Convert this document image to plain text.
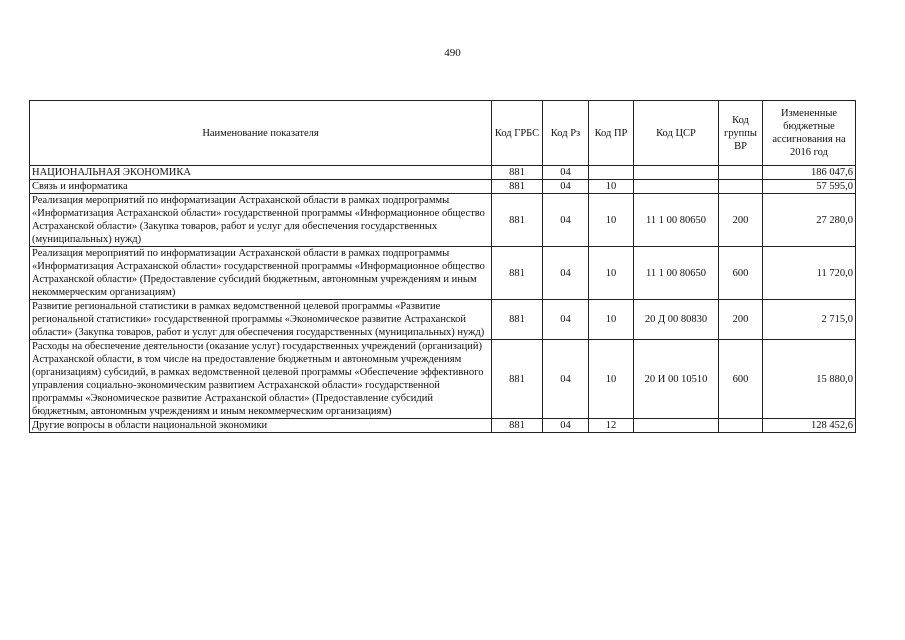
490
Наименование показателя	Код ГРБС	Код Рз	Код ПР	Код ЦСР	Код группы ВР	Измененные бюджетные ассигнования на 2016 год
НАЦИОНАЛЬНАЯ ЭКОНОМИКА	881	04				186 047,6
Связь и информатика	881	04	10			57 595,0
Реализация мероприятий по информатизации Астраханской области в рамках подпрограммы «Информатизация Астраханской области» государственной программы «Информационное общество Астраханской области» (Закупка товаров, работ и услуг для обеспечения государственных (муниципальных) нужд)	881	04	10	11 1 00 80650	200	27 280,0
Реализация мероприятий по информатизации Астраханской области в рамках подпрограммы «Информатизация Астраханской области» государственной программы «Информационное общество Астраханской области» (Предоставление субсидий бюджетным, автономным учреждениям и иным некоммерческим организациям)	881	04	10	11 1 00 80650	600	11 720,0
Развитие региональной статистики в рамках ведомственной целевой программы «Развитие региональной статистики» государственной программы «Экономическое развитие Астраханской области» (Закупка товаров, работ и услуг для обеспечения государственных (муниципальных) нужд)	881	04	10	20 Д 00 80830	200	2 715,0
Расходы на обеспечение деятельности (оказание услуг) государственных учреждений (организаций) Астраханской области, в том числе на предоставление бюджетным и автономным учреждениям (организациям) субсидий, в рамках ведомственной целевой программы «Обеспечение эффективного управления социально-экономическим развитием Астраханской области» государственной программы «Экономическое развитие Астраханской области» (Предоставление субсидий бюджетным, автономным учреждениям и иным некоммерческим организациям)	881	04	10	20 И 00 10510	600	15 880,0
Другие вопросы в области национальной экономики	881	04	12			128 452,6
